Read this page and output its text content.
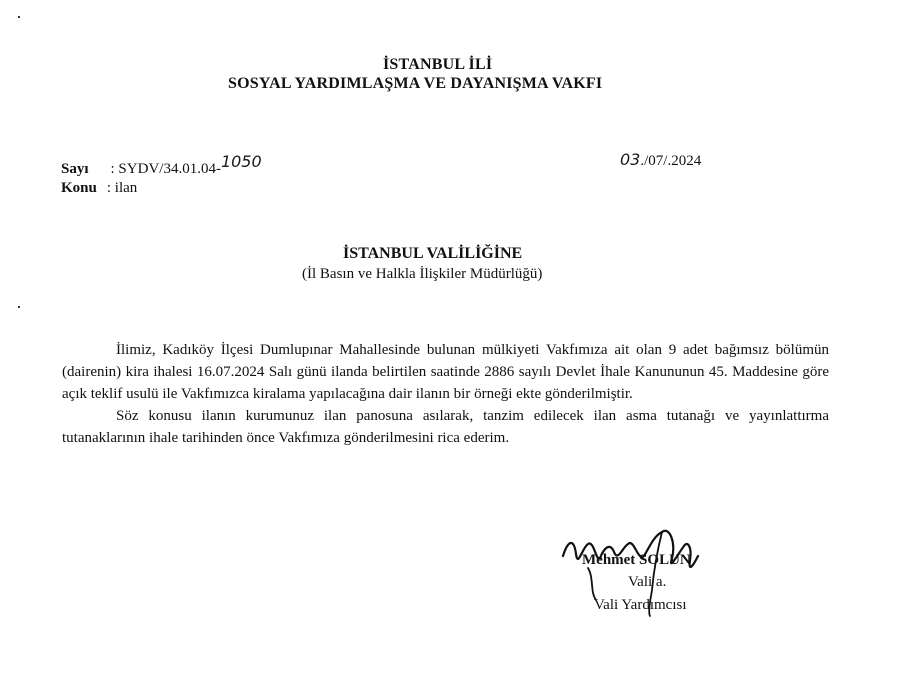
İSTANBUL İLİ
SOSYAL YARDIMLAŞMA VE DAYANIŞMA VAKFI
Sayı : SYDV/34.01.04-1050	03./07/.2024
Konu : ilan
İSTANBUL VALİLİĞİNE
(İl Basın ve Halkla İlişkiler Müdürlüğü)

İlimiz, Kadıköy İlçesi Dumlupınar Mahallesinde bulunan mülkiyeti Vakfımıza ait olan 9 adet bağımsız bölümün (dairenin) kira ihalesi 16.07.2024 Salı günü ilanda belirtilen saatinde 2886 sayılı Devlet İhale Kanununun 45. Maddesine göre açık teklif usulü ile Vakfımızca kiralama yapılacağına dair ilanın bir örneği ekte gönderilmiştir.

Söz konusu ilanın kurumunuz ilan panosuna asılarak, tanzim edilecek ilan asma tutanağı ve yayınlattırma tutanaklarının ihale tarihinden önce Vakfımıza gönderilmesini rica ederim.

Mehmet SOLUN
Vali a.
Vali Yardımcısı
